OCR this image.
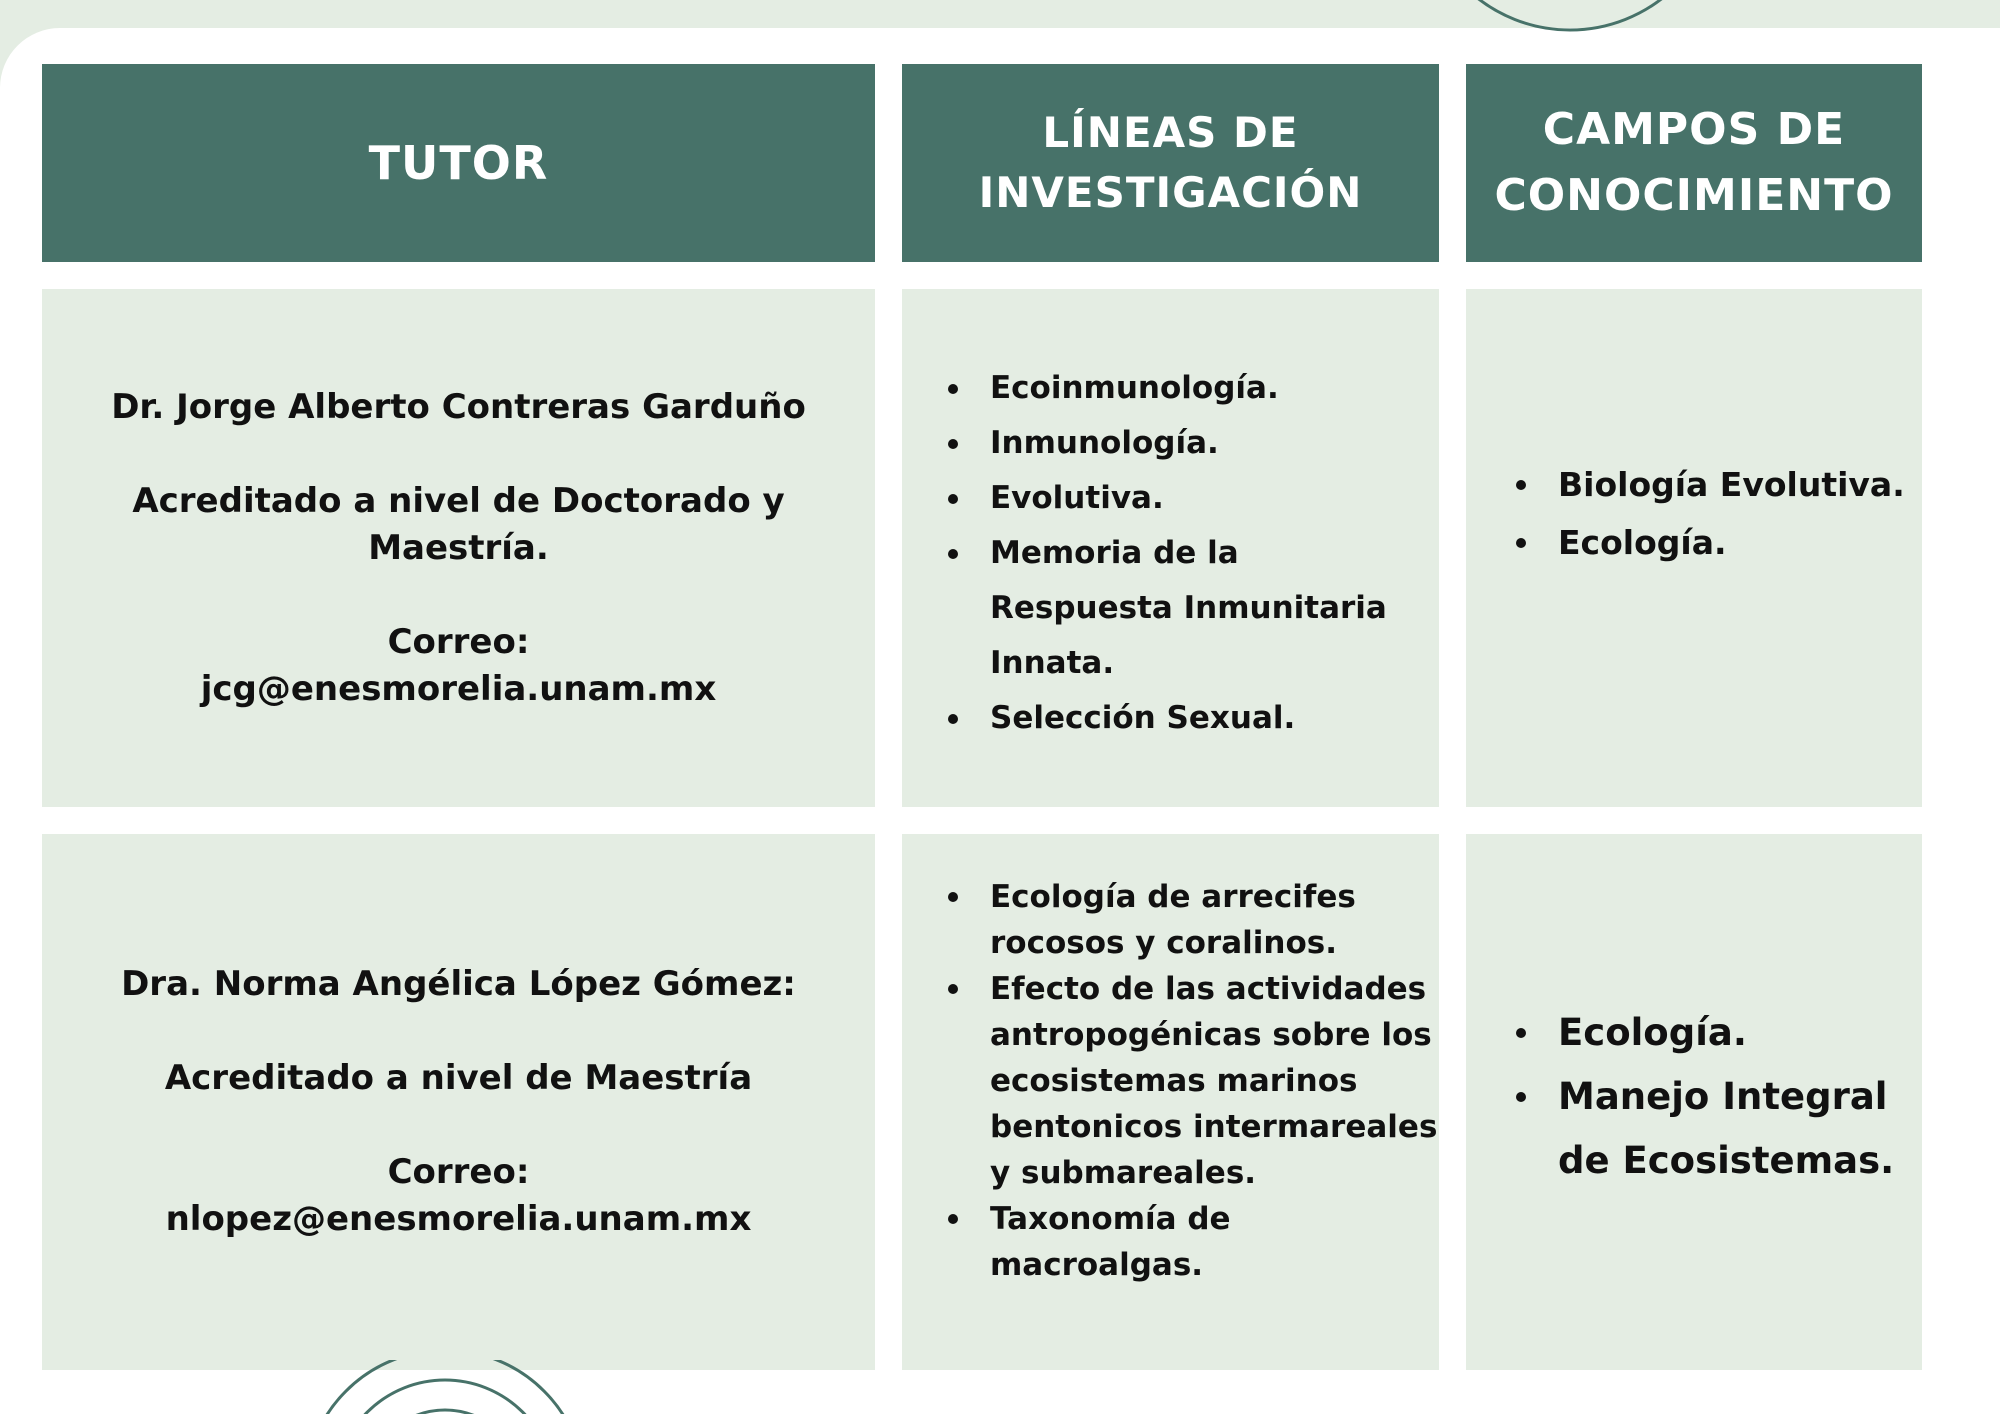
TUTOR
LÍNEAS DE
INVESTIGACIÓN
CAMPOS DE
CONOCIMIENTO
Dr. Jorge Alberto Contreras Garduño
Acreditado a nivel de Doctorado y Maestría.
Correo:
jcg@enesmorelia.unam.mx
Ecoinmunología.
Inmunología.
Evolutiva.
Memoria de la Respuesta Inmunitaria Innata.
Selección Sexual.
Biología Evolutiva.
Ecología.
Dra. Norma Angélica López Gómez:
Acreditado a nivel de Maestría
Correo:
nlopez@enesmorelia.unam.mx
Ecología de arrecifes rocosos y coralinos.
Efecto de las actividades antropogénicas sobre los ecosistemas marinos bentonicos intermareales y submareales.
Taxonomía de macroalgas.
Ecología.
Manejo Integral de Ecosistemas.
